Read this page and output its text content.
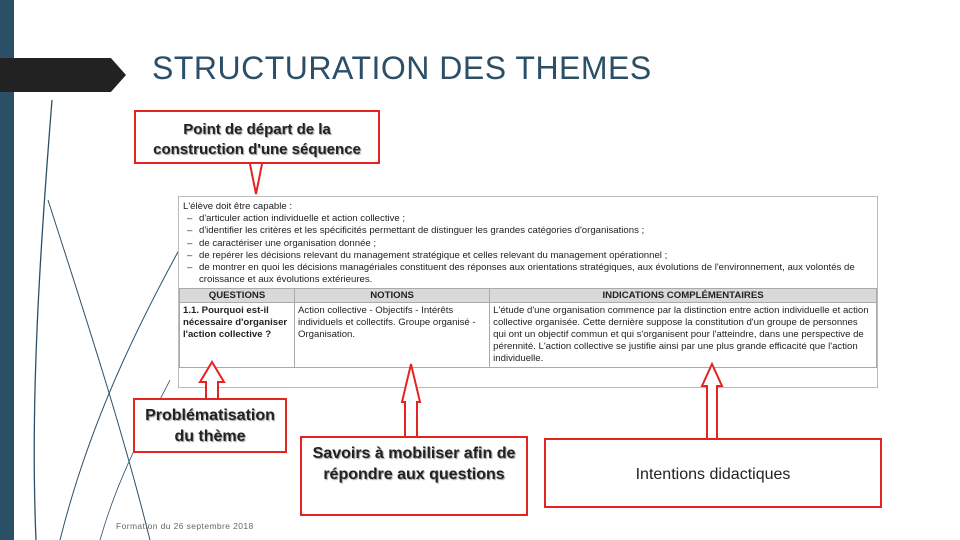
STRUCTURATION DES THEMES
Point de départ de la construction d'une séquence
L'élève doit être capable :
– d'articuler action individuelle et action collective ;
– d'identifier les critères et les spécificités permettant de distinguer les grandes catégories d'organisations ;
– de caractériser une organisation donnée ;
– de repérer les décisions relevant du management stratégique et celles relevant du management opérationnel ;
– de montrer en quoi les décisions managériales constituent des réponses aux orientations stratégiques, aux évolutions de l'environnement, aux volontés de croissance et aux évolutions extérieures.
QUESTIONS	NOTIONS	INDICATIONS COMPLÉMENTAIRES
1.1. Pourquoi est-il nécessaire d'organiser l'action collective ?	Action collective - Objectifs - Intérêts individuels et collectifs. Groupe organisé - Organisation.	L'étude d'une organisation commence par la distinction entre action individuelle et action collective organisée. Cette dernière suppose la constitution d'un groupe de personnes qui ont un objectif commun et qui s'organisent pour l'atteindre, dans une perspective de pérennité. L'action collective se justifie ainsi par une plus grande efficacité que l'action individuelle.
Problématisation du thème
Savoirs à mobiliser afin de répondre aux questions	Intentions didactiques
Formation du 26 septembre 2018
